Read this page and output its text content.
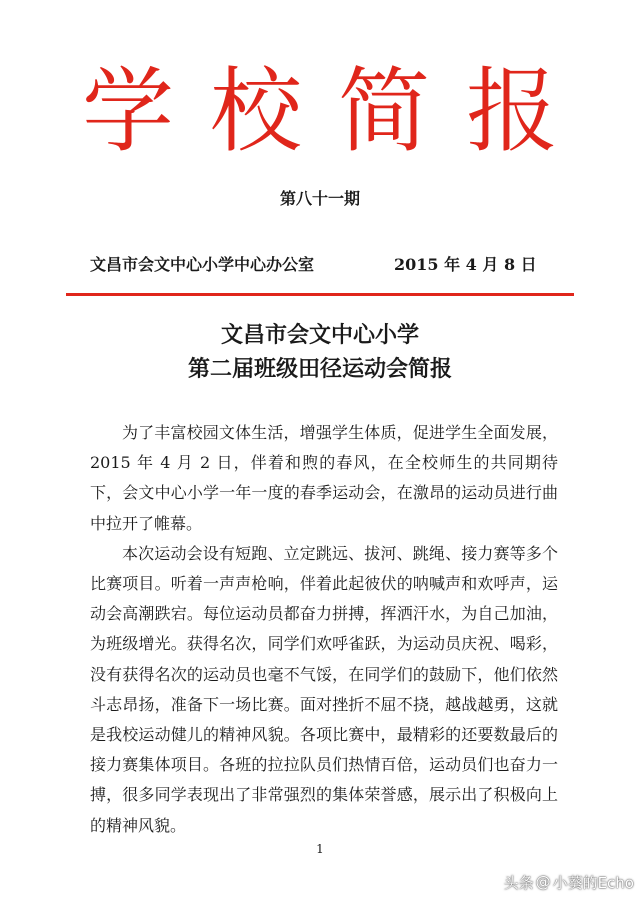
学校简报
第八十一期
文昌市会文中心小学中心办公室	2015 年 4 月 8 日
文昌市会文中心小学
第二届班级田径运动会简报

为了丰富校园文体生活，增强学生体质，促进学生全面发展，2015 年 4 月 2 日，伴着和煦的春风，在全校师生的共同期待下，会文中心小学一年一度的春季运动会，在激昂的运动员进行曲中拉开了帷幕。

本次运动会设有短跑、立定跳远、拔河、跳绳、接力赛等多个比赛项目。听着一声声枪响，伴着此起彼伏的呐喊声和欢呼声，运动会高潮跌宕。每位运动员都奋力拼搏，挥洒汗水，为自己加油，为班级增光。获得名次，同学们欢呼雀跃，为运动员庆祝、喝彩，没有获得名次的运动员也毫不气馁，在同学们的鼓励下，他们依然斗志昂扬，准备下一场比赛。面对挫折不屈不挠，越战越勇，这就是我校运动健儿的精神风貌。各项比赛中，最精彩的还要数最后的接力赛集体项目。各班的拉拉队员们热情百倍，运动员们也奋力一搏，很多同学表现出了非常强烈的集体荣誉感，展示出了积极向上的精神风貌。

1
头条 @ 小葵的Echo
